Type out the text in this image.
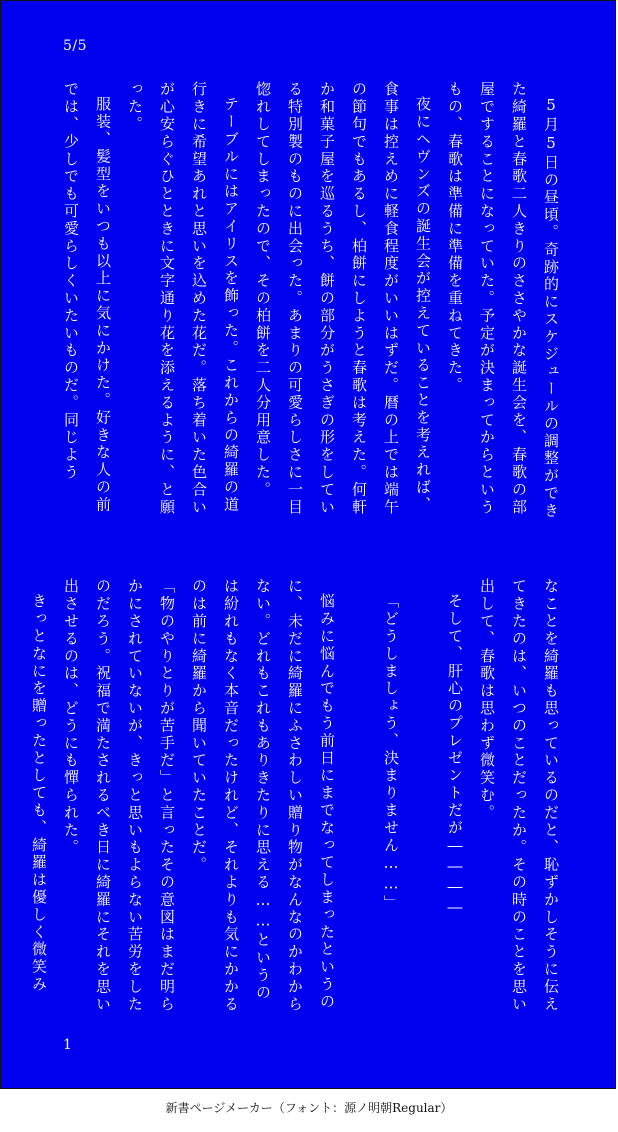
5/5

5月5日の昼頃。奇跡的にスケジュールの調整ができた綺羅と春歌二人きりのささやかな誕生会を、春歌の部屋ですることになっていた。予定が決まってからというもの、春歌は準備に準備を重ねてきた。

夜にヘヴンズの誕生会が控えていることを考えれば、食事は控えめに軽食程度がいいはずだ。暦の上では端午の節句でもあるし、柏餅にしようと春歌は考えた。何軒か和菓子屋を巡るうち、餅の部分がうさぎの形をしている特別製のものに出会った。あまりの可愛らしさに一目惚れしてしまったので、その柏餅を二人分用意した。

テーブルにはアイリスを飾った。これからの綺羅の道行きに希望あれと思いを込めた花だ。落ち着いた色合いが心安らぐひとときに文字通り花を添えるように、と願った。

服装、髪型をいつも以上に気にかけた。好きな人の前では、少しでも可愛らしくいたいものだ。同じよう

なことを綺羅も思っているのだと、恥ずかしそうに伝えてきたのは、いつのことだったか。その時のことを思い出して、春歌は思わず微笑む。

そして、肝心のプレゼントだが――――

「どうしましょう、決まりません……」

悩みに悩んでもう前日にまでなってしまったというのに、未だに綺羅にふさわしい贈り物がなんなのかわからない。どれもこれもありきたりに思える……というのは紛れもなく本音だったけれど、それよりも気にかかるのは前に綺羅から聞いていたことだ。

「物のやりとりが苦手だ」と言ったその意図はまだ明らかにされていないが、きっと思いもよらない苦労をしたのだろう。祝福で満たされるべき日に綺羅にそれを思い出させるのは、どうにも憚られた。

きっとなにを贈ったとしても、綺羅は優しく微笑み

1
新書ページメーカー（フォント：源ノ明朝Regular）
